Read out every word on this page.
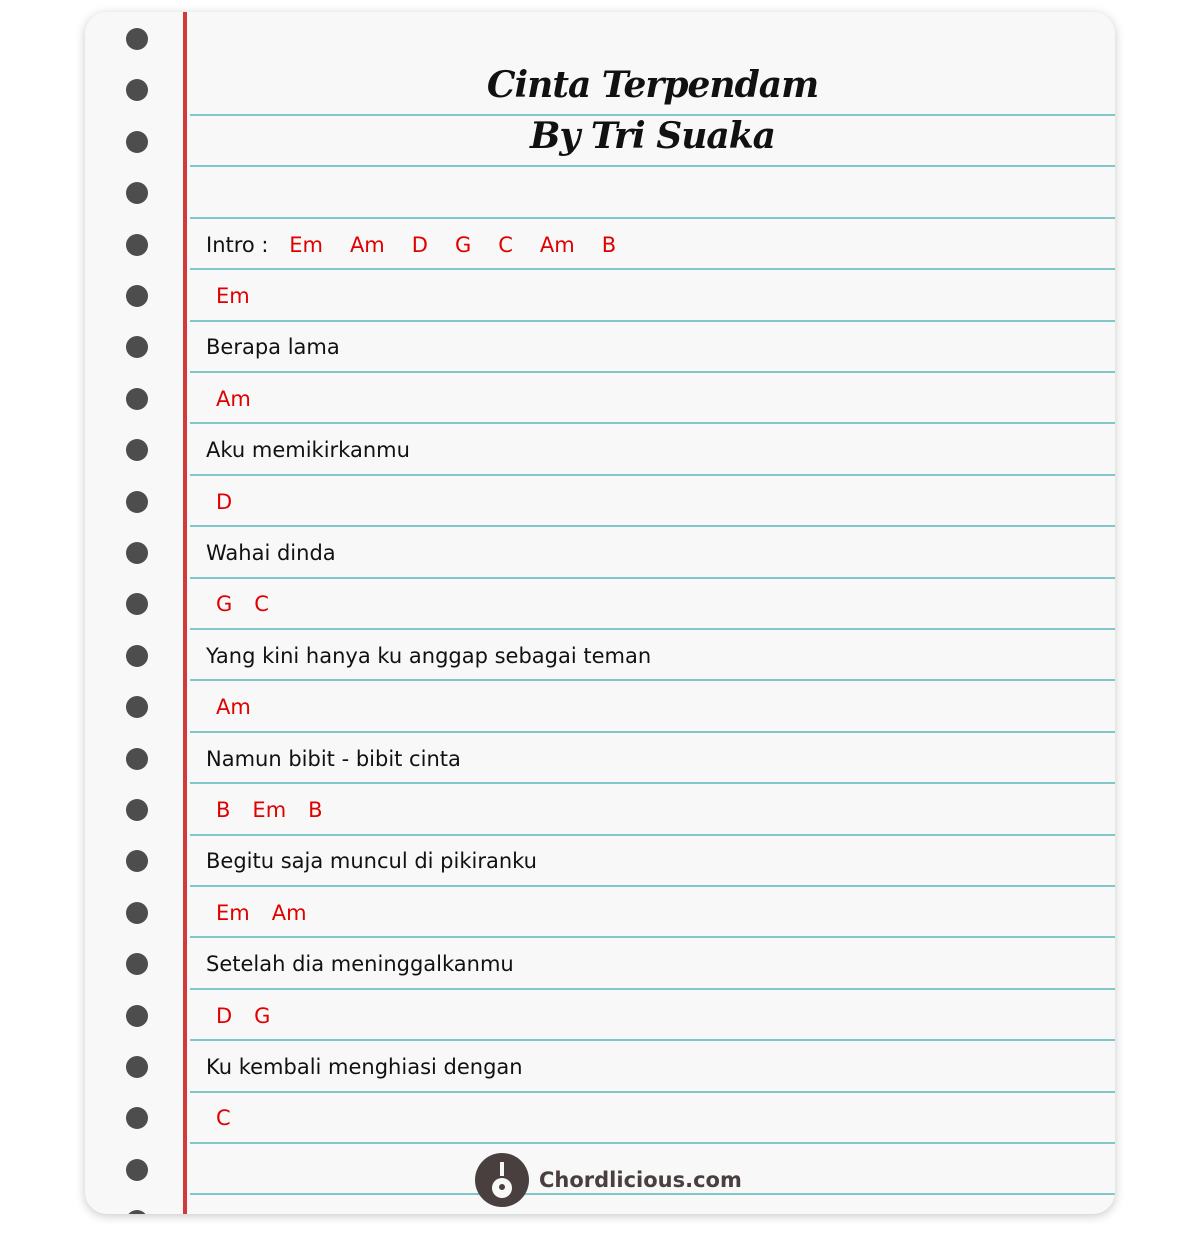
Cinta Terpendam
By Tri Suaka
Intro : Em Am D G C Am B
Em
Berapa lama
Am
Aku memikirkanmu
D
Wahai dinda
G C
Yang kini hanya ku anggap sebagai teman
Am
Namun bibit - bibit cinta
B Em B
Begitu saja muncul di pikiranku
Em Am
Setelah dia meninggalkanmu
D G
Ku kembali menghiasi dengan
C
Chordlicious.com
